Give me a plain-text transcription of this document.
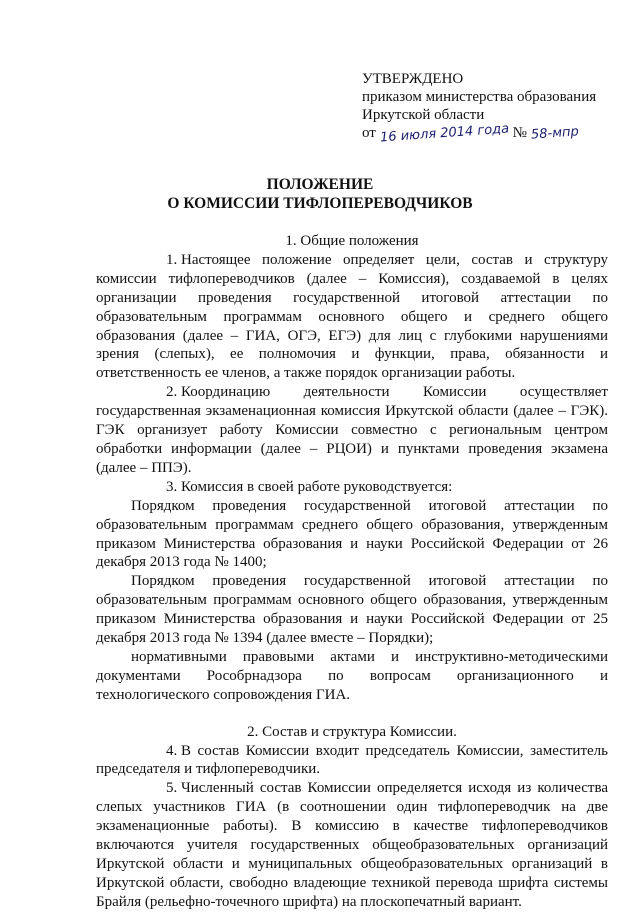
УТВЕРЖДЕНО
приказом министерства образования
Иркутской области
от 16 июля 2014 года № 58-мпр
ПОЛОЖЕНИЕ
О КОМИССИИ ТИФЛОПЕРЕВОДЧИКОВ
1. Общие положения

1. Настоящее положение определяет цели, состав и структуру комиссии тифлопереводчиков (далее – Комиссия), создаваемой в целях организации проведения государственной итоговой аттестации по образовательным программам основного общего и среднего общего образования (далее – ГИА, ОГЭ, ЕГЭ) для лиц с глубокими нарушениями зрения (слепых), ее полномочия и функции, права, обязанности и ответственность ее членов, а также порядок организации работы.

2. Координацию деятельности Комиссии осуществляет государственная экзаменационная комиссия Иркутской области (далее – ГЭК). ГЭК организует работу Комиссии совместно с региональным центром обработки информации (далее – РЦОИ) и пунктами проведения экзамена (далее – ППЭ).

3. Комиссия в своей работе руководствуется:

Порядком проведения государственной итоговой аттестации по образовательным программам среднего общего образования, утвержденным приказом Министерства образования и науки Российской Федерации от 26 декабря 2013 года № 1400;

Порядком проведения государственной итоговой аттестации по образовательным программам основного общего образования, утвержденным приказом Министерства образования и науки Российской Федерации от 25 декабря 2013 года № 1394 (далее вместе – Порядки);

нормативными правовыми актами и инструктивно-методическими документами Рособрнадзора по вопросам организационного и технологического сопровождения ГИА.

2. Состав и структура Комиссии.

4. В состав Комиссии входит председатель Комиссии, заместитель председателя и тифлопереводчики.

5. Численный состав Комиссии определяется исходя из количества слепых участников ГИА (в соотношении один тифлопереводчик на две экзаменационные работы). В комиссию в качестве тифлопереводчиков включаются учителя государственных общеобразовательных организаций Иркутской области и муниципальных общеобразовательных организаций в Иркутской области, свободно владеющие техникой перевода шрифта системы Брайля (рельефно-точечного шрифта) на плоскопечатный вариант.
